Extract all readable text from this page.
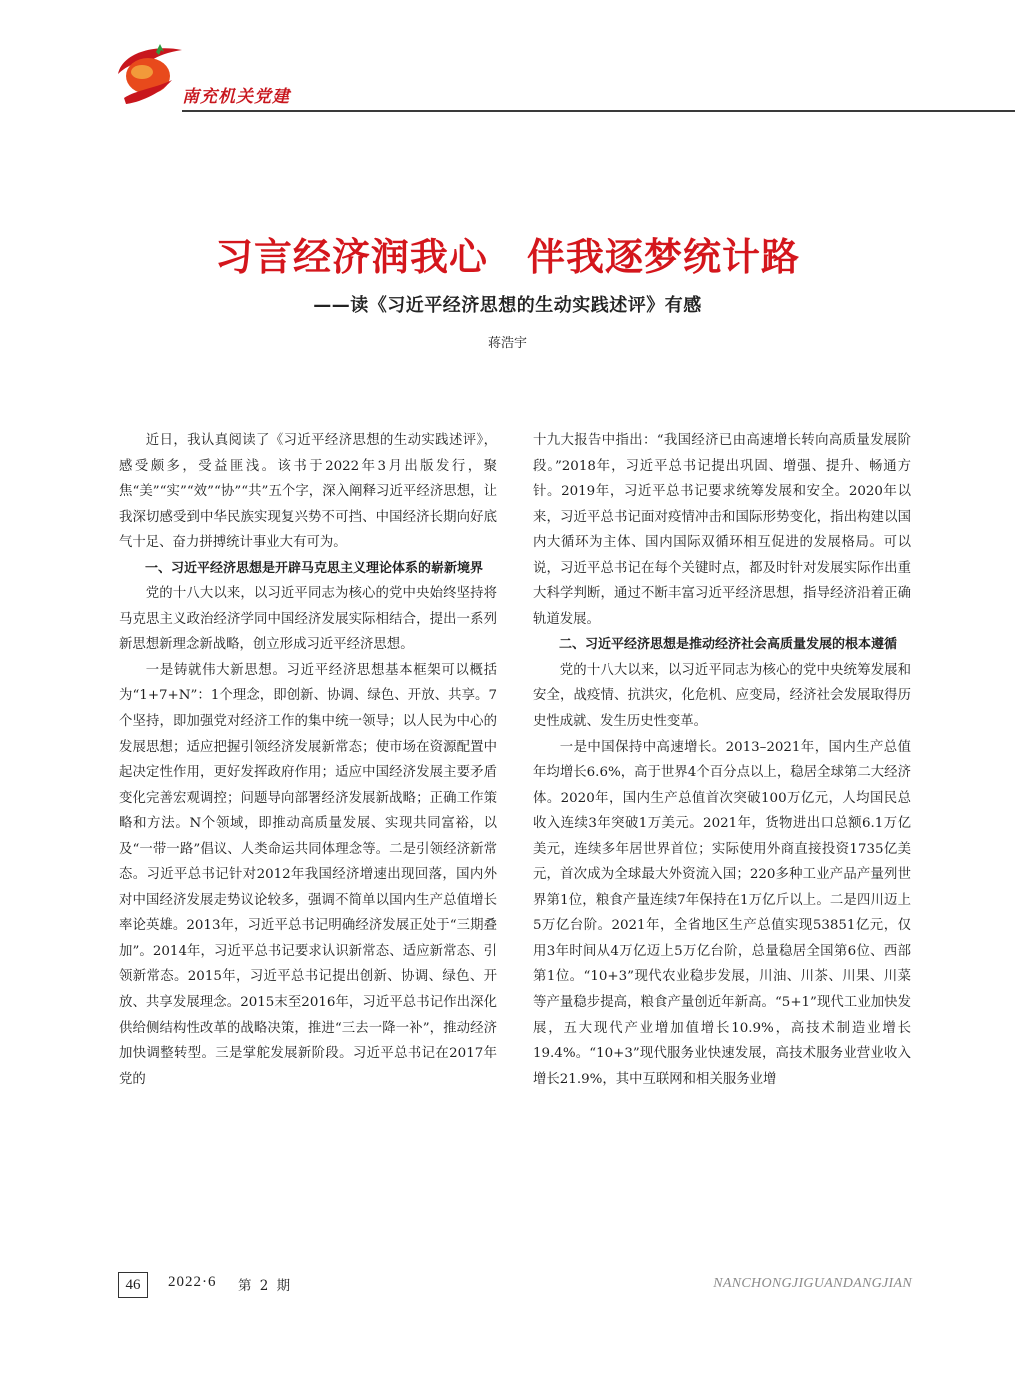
南充机关党建
习言经济润我心　伴我逐梦统计路
——读《习近平经济思想的生动实践述评》有感
蒋浩宇

近日，我认真阅读了《习近平经济思想的生动实践述评》，感受颇多，受益匪浅。该书于2022年3月出版发行，聚焦“美”“实”“效”“协”“共”五个字，深入阐释习近平经济思想，让我深切感受到中华民族实现复兴势不可挡、中国经济长期向好底气十足、奋力拼搏统计事业大有可为。

一、习近平经济思想是开辟马克思主义理论体系的崭新境界

党的十八大以来，以习近平同志为核心的党中央始终坚持将马克思主义政治经济学同中国经济发展实际相结合，提出一系列新思想新理念新战略，创立形成习近平经济思想。

一是铸就伟大新思想。习近平经济思想基本框架可以概括为“1+7+N”：1个理念，即创新、协调、绿色、开放、共享。7个坚持，即加强党对经济工作的集中统一领导；以人民为中心的发展思想；适应把握引领经济发展新常态；使市场在资源配置中起决定性作用，更好发挥政府作用；适应中国经济发展主要矛盾变化完善宏观调控；问题导向部署经济发展新战略；正确工作策略和方法。N个领域，即推动高质量发展、实现共同富裕，以及“一带一路”倡议、人类命运共同体理念等。二是引领经济新常态。习近平总书记针对2012年我国经济增速出现回落，国内外对中国经济发展走势议论较多，强调不简单以国内生产总值增长率论英雄。2013年，习近平总书记明确经济发展正处于“三期叠加”。2014年，习近平总书记要求认识新常态、适应新常态、引领新常态。2015年，习近平总书记提出创新、协调、绿色、开放、共享发展理念。2015末至2016年，习近平总书记作出深化供给侧结构性改革的战略决策，推进“三去一降一补”，推动经济加快调整转型。三是掌舵发展新阶段。习近平总书记在2017年党的

十九大报告中指出：“我国经济已由高速增长转向高质量发展阶段。”2018年，习近平总书记提出巩固、增强、提升、畅通方针。2019年，习近平总书记要求统筹发展和安全。2020年以来，习近平总书记面对疫情冲击和国际形势变化，指出构建以国内大循环为主体、国内国际双循环相互促进的发展格局。可以说，习近平总书记在每个关键时点，都及时针对发展实际作出重大科学判断，通过不断丰富习近平经济思想，指导经济沿着正确轨道发展。

二、习近平经济思想是推动经济社会高质量发展的根本遵循

党的十八大以来，以习近平同志为核心的党中央统筹发展和安全，战疫情、抗洪灾，化危机、应变局，经济社会发展取得历史性成就、发生历史性变革。

一是中国保持中高速增长。2013–2021年，国内生产总值年均增长6.6%，高于世界4个百分点以上，稳居全球第二大经济体。2020年，国内生产总值首次突破100万亿元，人均国民总收入连续3年突破1万美元。2021年，货物进出口总额6.1万亿美元，连续多年居世界首位；实际使用外商直接投资1735亿美元，首次成为全球最大外资流入国；220多种工业产品产量列世界第1位，粮食产量连续7年保持在1万亿斤以上。二是四川迈上5万亿台阶。2021年，全省地区生产总值实现53851亿元，仅用3年时间从4万亿迈上5万亿台阶，总量稳居全国第6位、西部第1位。“10+3”现代农业稳步发展，川油、川茶、川果、川菜等产量稳步提高，粮食产量创近年新高。“5+1”现代工业加快发展，五大现代产业增加值增长10.9%，高技术制造业增长19.4%。“10+3”现代服务业快速发展，高技术服务业营业收入增长21.9%，其中互联网和相关服务业增

46	2022·6 第 2 期	NANCHONGJIGUANDANGJIAN
